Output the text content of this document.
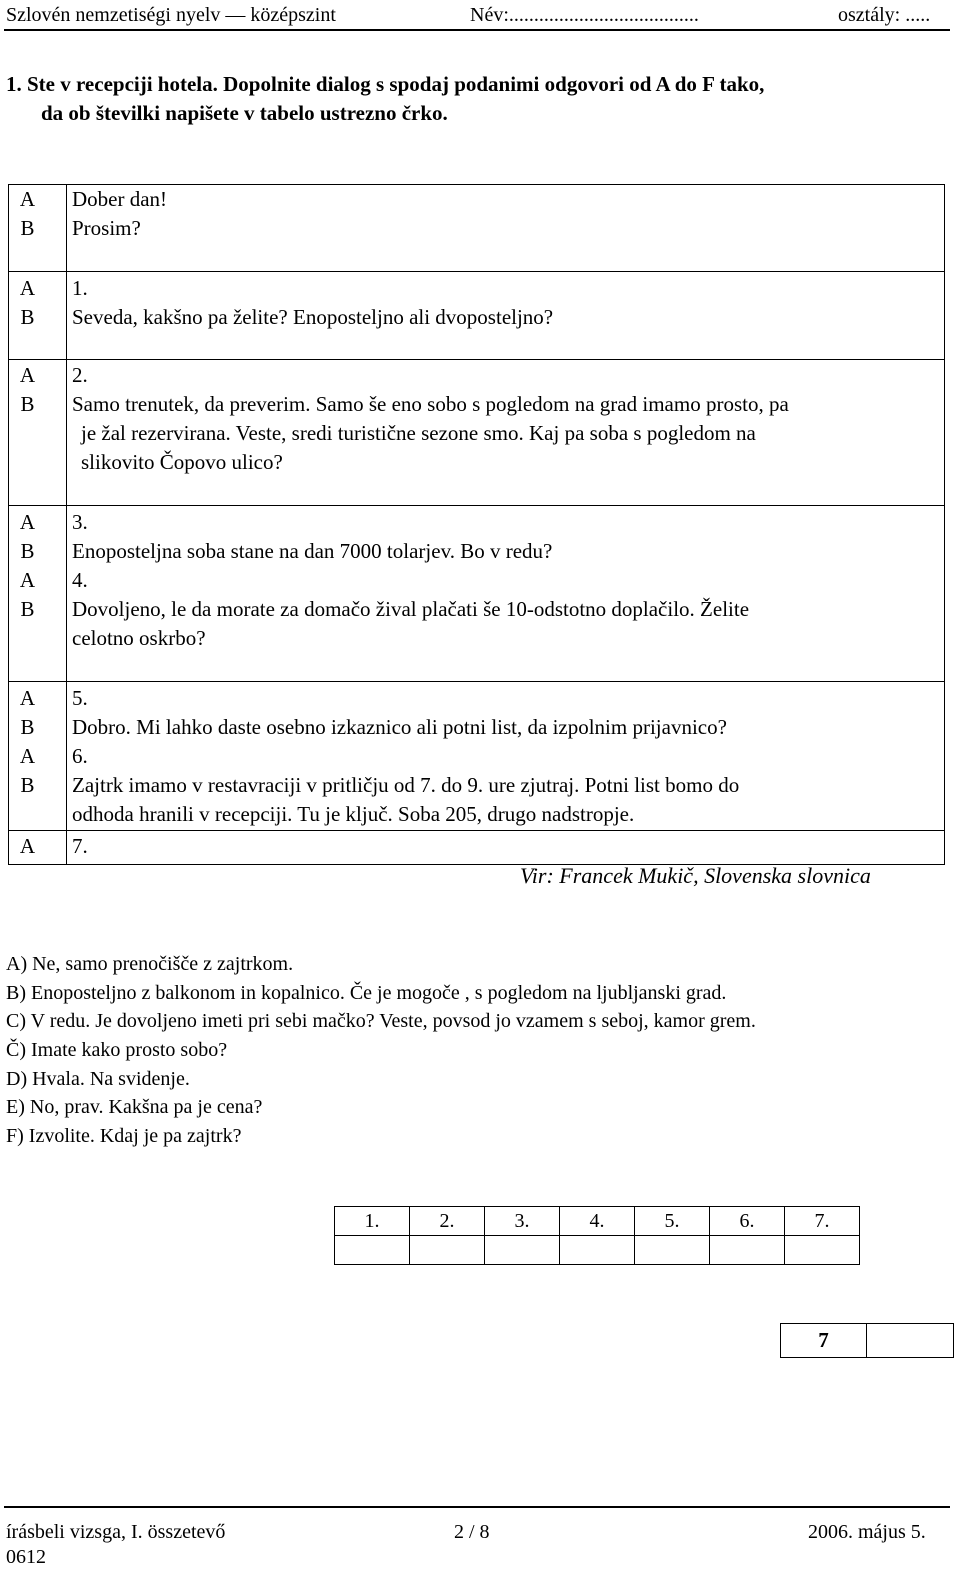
Szlovén nemzetiségi nyelv — középszint	Név:......................................	osztály: .....
1. Ste v recepciji hotela. Dopolnite dialog s spodaj podanimi odgovori od A do F tako,
da ob številki napišete v tabelo ustrezno črko.
A	Dober dan!
B	Prosim?
A	1.
B	Seveda, kakšno pa želite? Enoposteljno ali dvoposteljno?
A	2.
B	Samo trenutek, da preverim. Samo še eno sobo s pogledom na grad imamo prosto, pa
je žal rezervirana. Veste, sredi turistične sezone smo. Kaj pa soba s pogledom na
slikovito Čopovo ulico?
A	3.
B	Enoposteljna soba stane na dan 7000 tolarjev. Bo v redu?
A	4.
B	Dovoljeno, le da morate za domačo žival plačati še 10-odstotno doplačilo. Želite
celotno oskrbo?
A	5.
B	Dobro. Mi lahko daste osebno izkaznico ali potni list, da izpolnim prijavnico?
A	6.
B	Zajtrk imamo v restavraciji v pritličju od 7. do 9. ure zjutraj. Potni list bomo do
odhoda hranili v recepciji. Tu je ključ. Soba 205, drugo nadstropje.
A	7.
Vir: Francek Mukič, Slovenska slovnica
A) Ne, samo prenočišče z zajtrkom.
B) Enoposteljno z balkonom in kopalnico. Če je mogoče , s pogledom na ljubljanski grad.
C) V redu. Je dovoljeno imeti pri sebi mačko? Veste, povsod jo vzamem s seboj, kamor grem.
Č) Imate kako prosto sobo?
D) Hvala. Na svidenje.
E) No, prav. Kakšna pa je cena?
F) Izvolite. Kdaj je pa zajtrk?
1.	2.	3.	4.	5.	6.	7.

7
írásbeli vizsga, I. összetevő	2 / 8	2006. május 5.
0612
